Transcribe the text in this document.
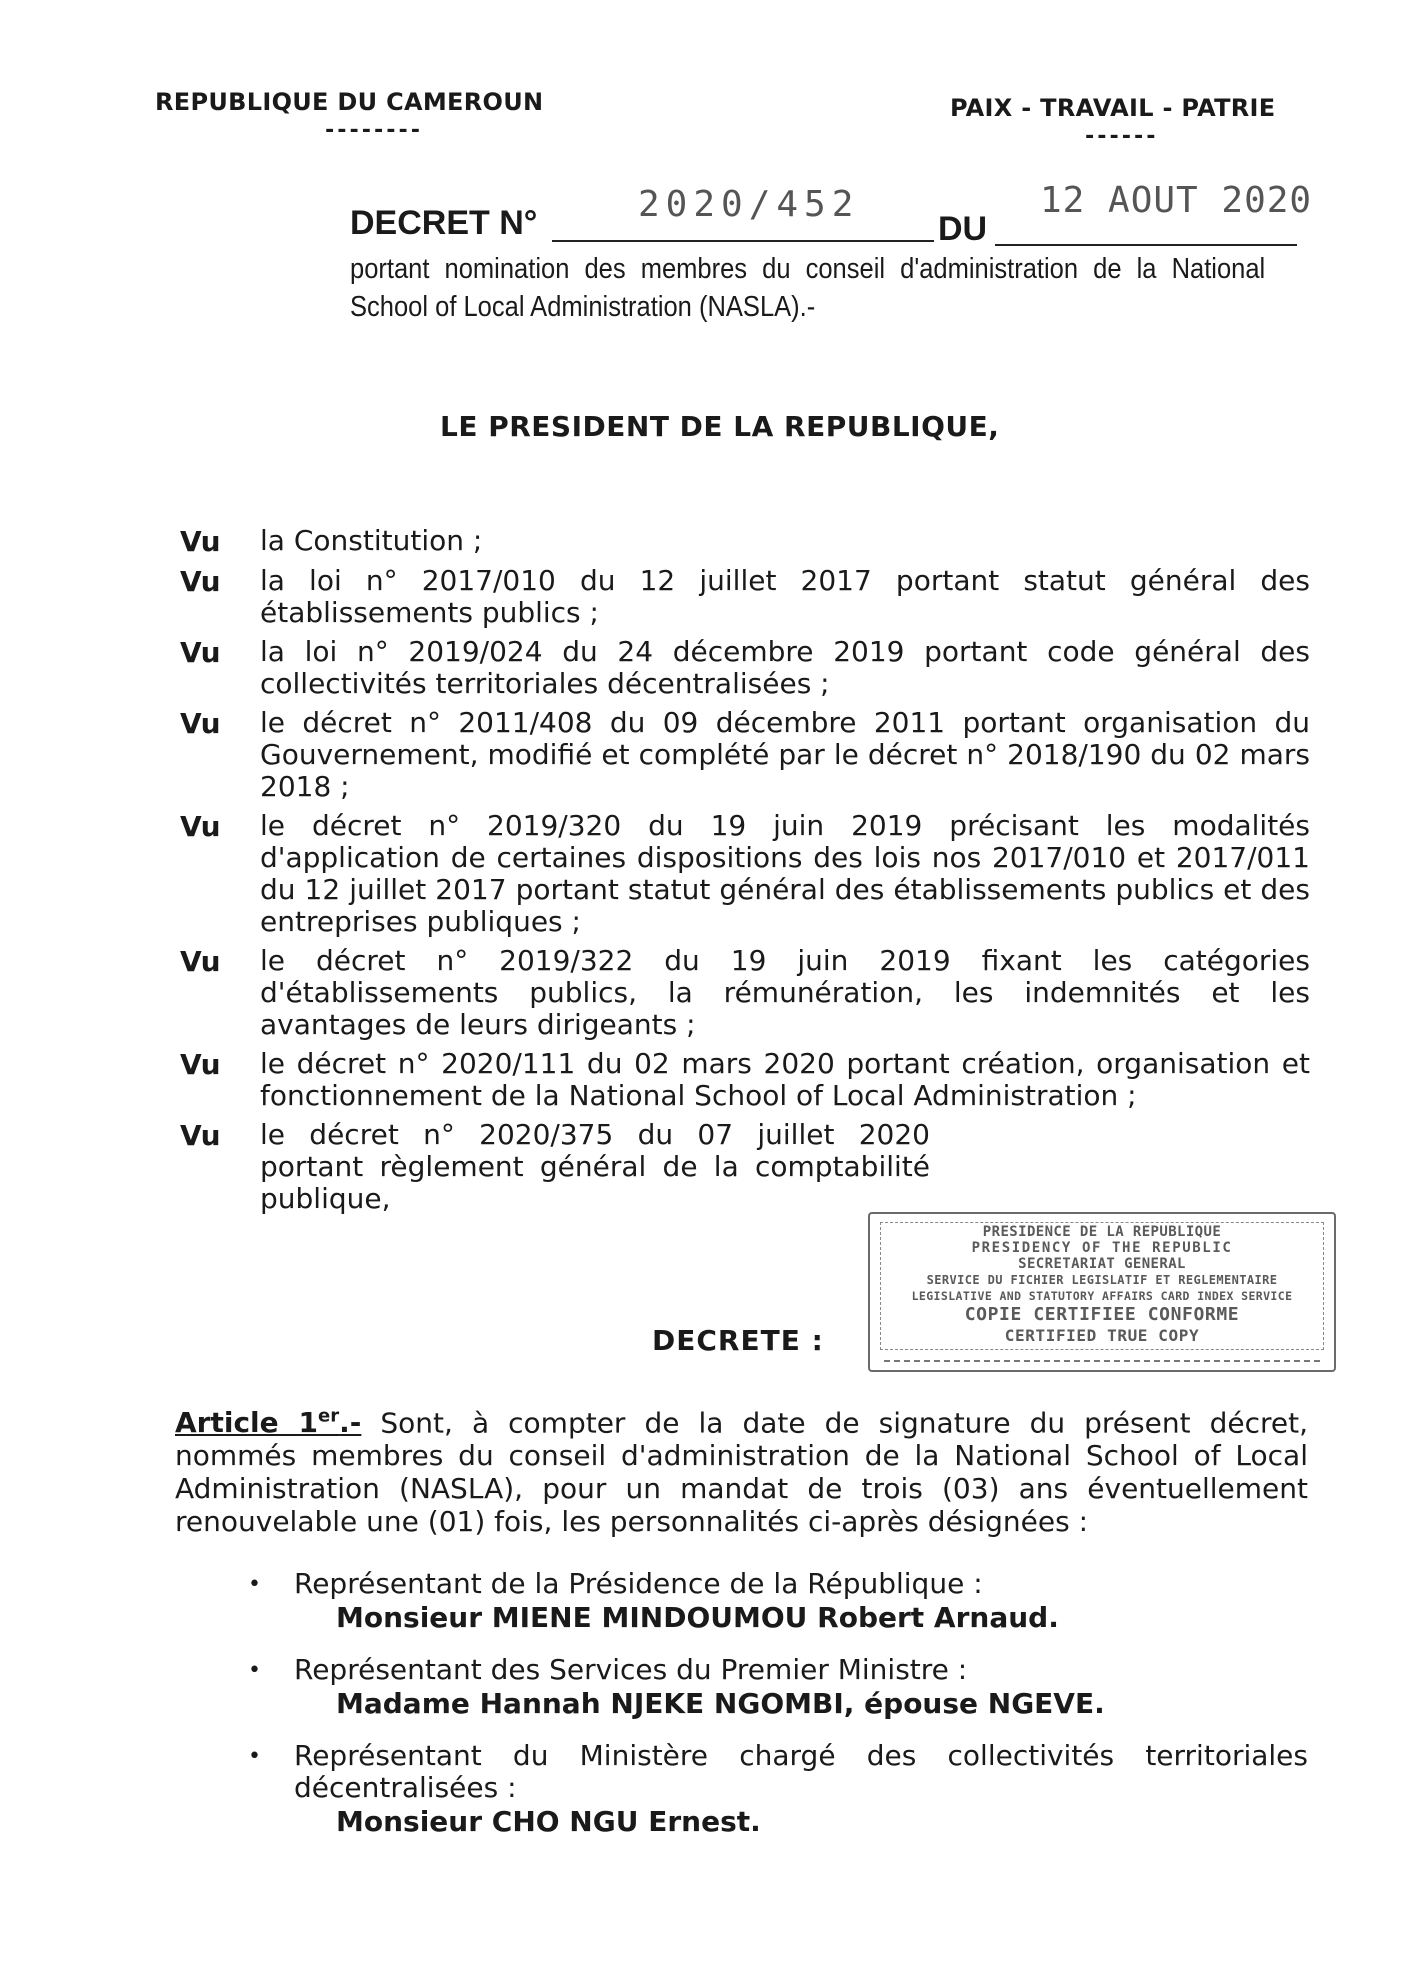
REPUBLIQUE DU CAMEROUN
--------
PAIX - TRAVAIL - PATRIE
------
DECRET N°	2020/452
DU
12 AOUT 2020
portant nomination des membres du conseil d'administration de la National School of Local Administration (NASLA).-
LE PRESIDENT DE LA REPUBLIQUE,
Vu	la Constitution ;
Vu	la loi n° 2017/010 du 12 juillet 2017 portant statut général des établissements publics ;
Vu	la loi n° 2019/024 du 24 décembre 2019 portant code général des collectivités territoriales décentralisées ;
Vu	le décret n° 2011/408 du 09 décembre 2011 portant organisation du Gouvernement, modifié et complété par le décret n° 2018/190 du 02 mars 2018 ;
Vu	le décret n° 2019/320 du 19 juin 2019 précisant les modalités d'application de certaines dispositions des lois nos 2017/010 et 2017/011 du 12 juillet 2017 portant statut général des établissements publics et des entreprises publiques ;
Vu	le décret n° 2019/322 du 19 juin 2019 fixant les catégories d'établissements publics, la rémunération, les indemnités et les avantages de leurs dirigeants ;
Vu	le décret n° 2020/111 du 02 mars 2020 portant création, organisation et fonctionnement de la National School of Local Administration ;
Vu	le décret n° 2020/375 du 07 juillet 2020 portant règlement général de la comptabilité publique,
PRESIDENCE DE LA REPUBLIQUE
PRESIDENCY OF THE REPUBLIC
SECRETARIAT GENERAL
SERVICE DU FICHIER LEGISLATIF ET REGLEMENTAIRE
LEGISLATIVE AND STATUTORY AFFAIRS CARD INDEX SERVICE
COPIE CERTIFIEE CONFORME
CERTIFIED TRUE COPY
DECRETE :
Article 1er.- Sont, à compter de la date de signature du présent décret, nommés membres du conseil d'administration de la National School of Local Administration (NASLA), pour un mandat de trois (03) ans éventuellement renouvelable une (01) fois, les personnalités ci-après désignées :
•	Représentant de la Présidence de la République :
Monsieur MIENE MINDOUMOU Robert Arnaud.
•	Représentant des Services du Premier Ministre :
Madame Hannah NJEKE NGOMBI, épouse NGEVE.
•	Représentant du Ministère chargé des collectivités territoriales décentralisées :
Monsieur CHO NGU Ernest.
